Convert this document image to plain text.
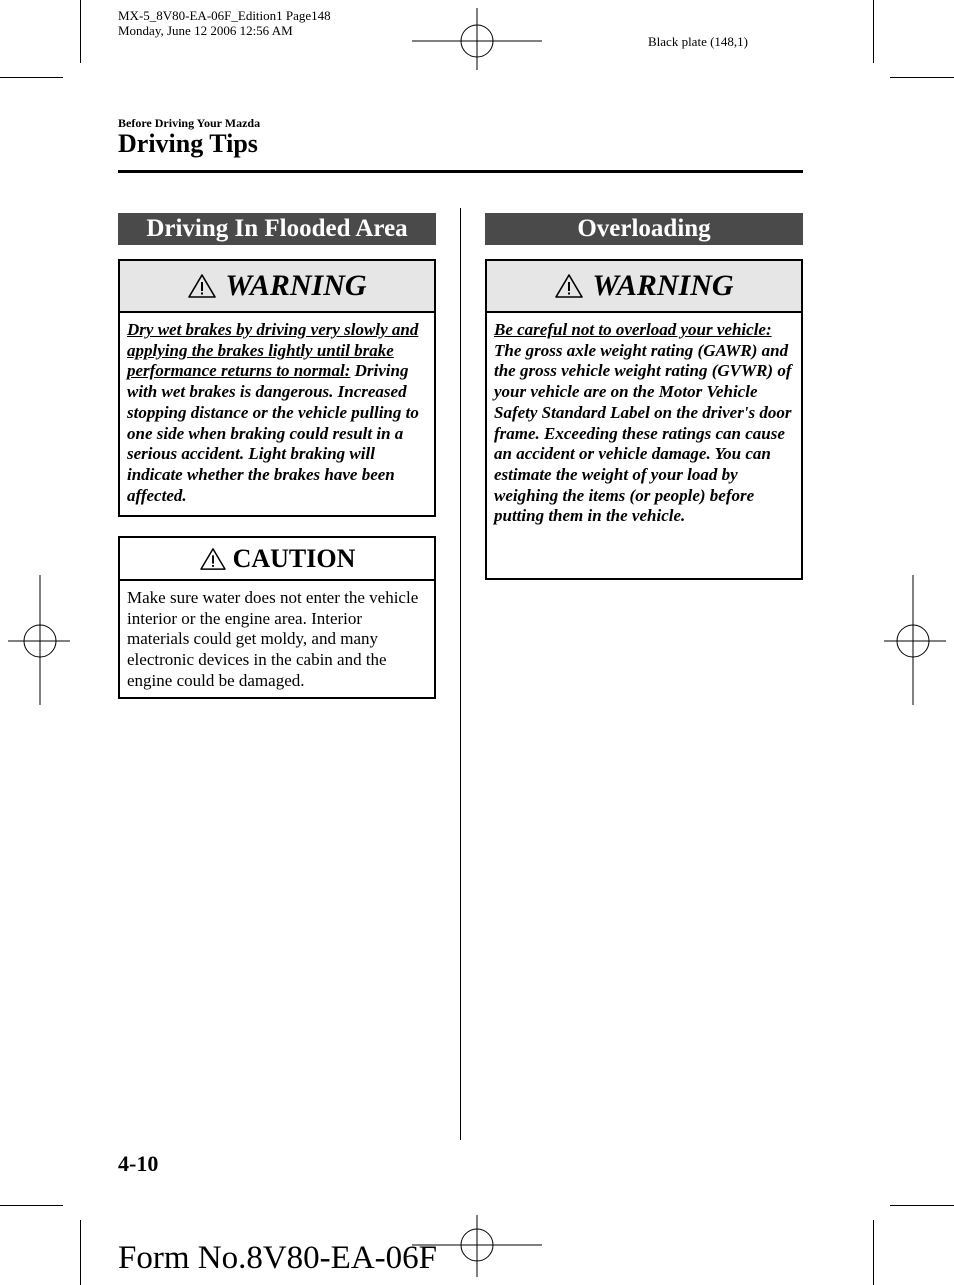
MX-5_8V80-EA-06F_Edition1 Page148
Monday, June 12 2006 12:56 AM
Black plate (148,1)
Before Driving Your Mazda
Driving Tips
Driving In Flooded Area
WARNING
Dry wet brakes by driving very slowly and applying the brakes lightly until brake performance returns to normal: Driving with wet brakes is dangerous. Increased stopping distance or the vehicle pulling to one side when braking could result in a serious accident. Light braking will indicate whether the brakes have been affected.
CAUTION
Make sure water does not enter the vehicle interior or the engine area. Interior materials could get moldy, and many electronic devices in the cabin and the engine could be damaged.
Overloading
WARNING
Be careful not to overload your vehicle:
The gross axle weight rating (GAWR) and the gross vehicle weight rating (GVWR) of your vehicle are on the Motor Vehicle Safety Standard Label on the driver's door frame. Exceeding these ratings can cause an accident or vehicle damage. You can estimate the weight of your load by weighing the items (or people) before putting them in the vehicle.
4-10
Form No.8V80-EA-06F
